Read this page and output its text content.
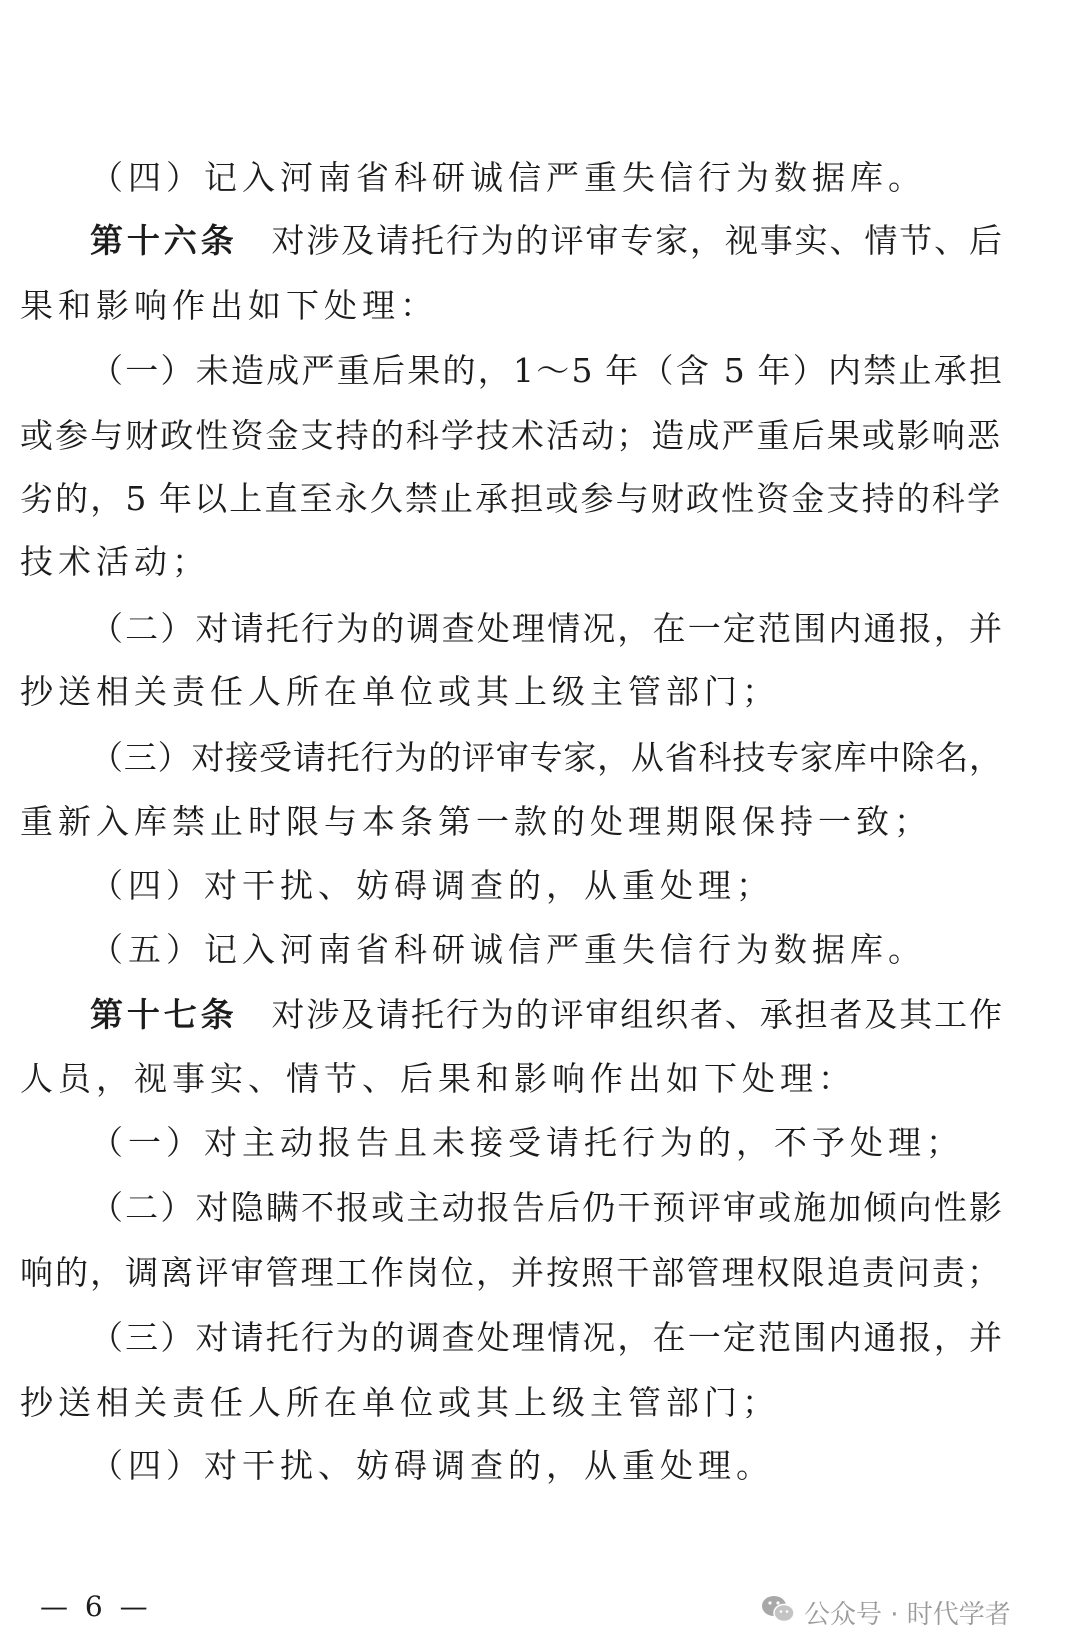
（四）记入河南省科研诚信严重失信行为数据库。
第十六条 对涉及请托行为的评审专家，视事实、情节、后
果和影响作出如下处理：
（一）未造成严重后果的，1～5 年（含 5 年）内禁止承担
或参与财政性资金支持的科学技术活动；造成严重后果或影响恶
劣的，5 年以上直至永久禁止承担或参与财政性资金支持的科学
技术活动；
（二）对请托行为的调查处理情况，在一定范围内通报，并
抄送相关责任人所在单位或其上级主管部门；
（三）对接受请托行为的评审专家，从省科技专家库中除名，
重新入库禁止时限与本条第一款的处理期限保持一致；
（四）对干扰、妨碍调查的，从重处理；
（五）记入河南省科研诚信严重失信行为数据库。
第十七条 对涉及请托行为的评审组织者、承担者及其工作
人员，视事实、情节、后果和影响作出如下处理：
（一）对主动报告且未接受请托行为的，不予处理；
（二）对隐瞒不报或主动报告后仍干预评审或施加倾向性影
响的，调离评审管理工作岗位，并按照干部管理权限追责问责；
（三）对请托行为的调查处理情况，在一定范围内通报，并
抄送相关责任人所在单位或其上级主管部门；
（四）对干扰、妨碍调查的，从重处理。
— 6 —	公众号 · 时代学者
